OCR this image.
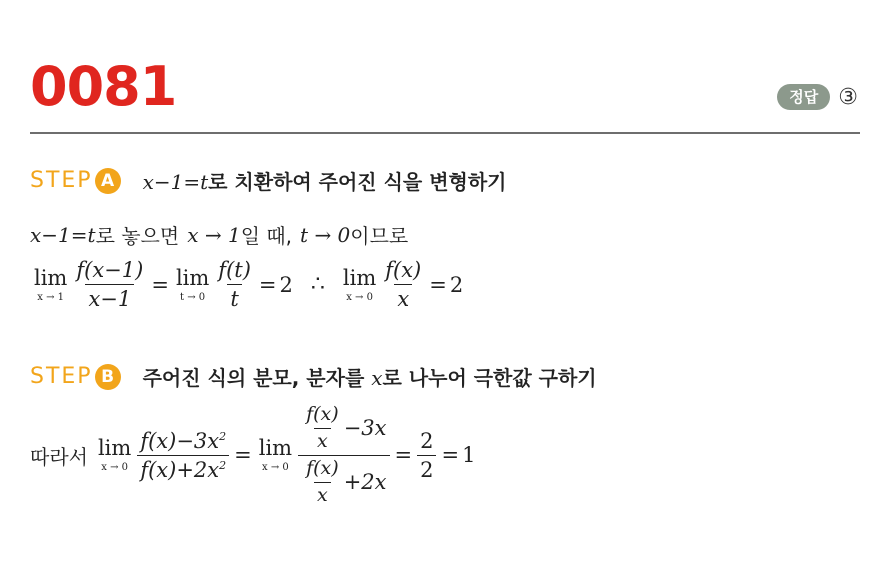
0081	정답 ③
STEP A	x−1=t로 치환하여 주어진 식을 변형하기
x−1=t 로 놓으면 x → 1 일 때, t → 0 이므로
lim
$x \to 1 \frac{f(x-1)}{x-1} = \lim$
$t \to 0 \frac{f(t)}{t} = 2$ ∴ lim
$x \to 0 \frac{f(x)}{x} = 2$
STEP B	주어진 식의 분모, 분자를 x로 나누어 극한값 구하기
따라서 lim
$x \to 0 \frac{f(x)-3x^2}{f(x)+2x^2} = \lim$
$x \to 0 \frac{\frac{f(x)}{x} -3x}{\frac{f(x)}{x} +2x} = \frac{2}{2} = 1$
